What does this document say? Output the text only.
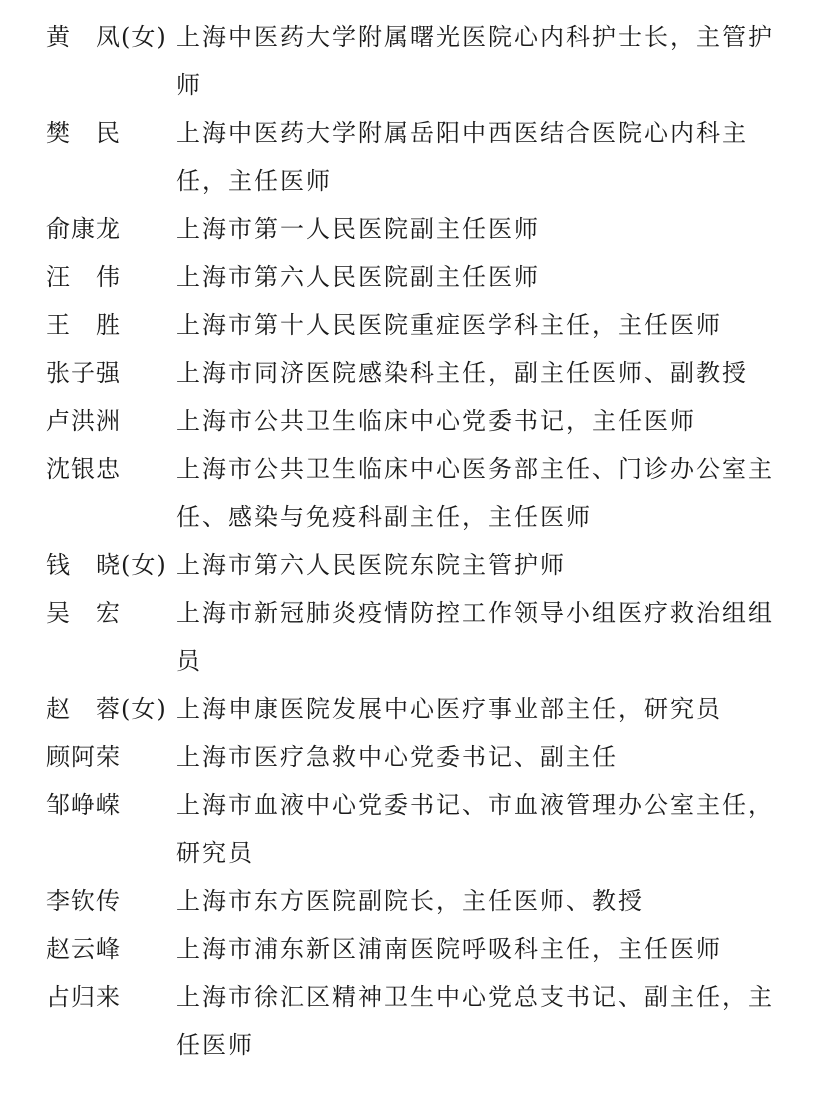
黄　凤(女) 上海中医药大学附属曙光医院心内科护士长，主管护师
樊　民	上海中医药大学附属岳阳中西医结合医院心内科主任，主任医师
俞康龙	上海市第一人民医院副主任医师
汪　伟	上海市第六人民医院副主任医师
王　胜	上海市第十人民医院重症医学科主任，主任医师
张子强	上海市同济医院感染科主任，副主任医师、副教授
卢洪洲	上海市公共卫生临床中心党委书记，主任医师
沈银忠	上海市公共卫生临床中心医务部主任、门诊办公室主任、感染与免疫科副主任，主任医师
钱　晓(女) 上海市第六人民医院东院主管护师
吴　宏	上海市新冠肺炎疫情防控工作领导小组医疗救治组组员
赵　蓉(女) 上海申康医院发展中心医疗事业部主任，研究员
顾阿荣	上海市医疗急救中心党委书记、副主任
邹峥嵘	上海市血液中心党委书记、市血液管理办公室主任，研究员
李钦传	上海市东方医院副院长，主任医师、教授
赵云峰	上海市浦东新区浦南医院呼吸科主任，主任医师
占归来	上海市徐汇区精神卫生中心党总支书记、副主任，主任医师
